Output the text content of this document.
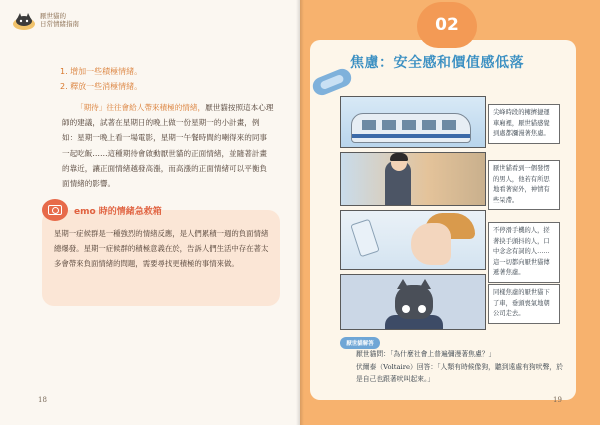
厭世貓的
日常情緒指南
1. 增加一些積極情緒。
2. 釋放一些消極情緒。
「期待」往往會給人帶來積極的情緒，厭世貓按照這本心理師的建議，試著在星期日的晚上做一份星期一的小計畫，例如：星期一晚上看一場電影，星期一午餐時間約喇得來的同事一起吃飯……這種期待會啟動厭世貓的正面情緒，並隨著計畫的靠近，讓正面情緒越發高漲，而高漲的正面情緒可以平衡負面情緒的影響。
emo 時的情緒急救箱
星期一症候群是一種強烈的情緒反應，是人們累積一週的負面情緒總爆發。星期一症候群的積極意義在於，告訴人們生活中存在著太多會帶來負面情緒的問題，需要尋找更積極的事情來做。
18
02
焦慮：安全感和價值感低落
尖峰時段的擁擠捷運車廂裡，厭世貓感覺到處都瀰漫著焦慮。
厭世貓看到一個發愣的男人，他若有所思地看著窗外，神情有些呆滯。
不停滑手機的人，搓著抉手頭抖的人，口中念念有詞的人……這一切都向厭世貓傳遞著焦慮。
同樣焦慮的厭世貓下了車，垂頭喪氣地朝公司走去。
厭世貓解答
厭世貓問：「為什麼社會上普遍彌漫著焦慮？」
伏爾泰（Voltaire）回答：「人類有時候像狗，聽到遠處有狗吠聲，於是自己也跟著吠叫起來。」
19
